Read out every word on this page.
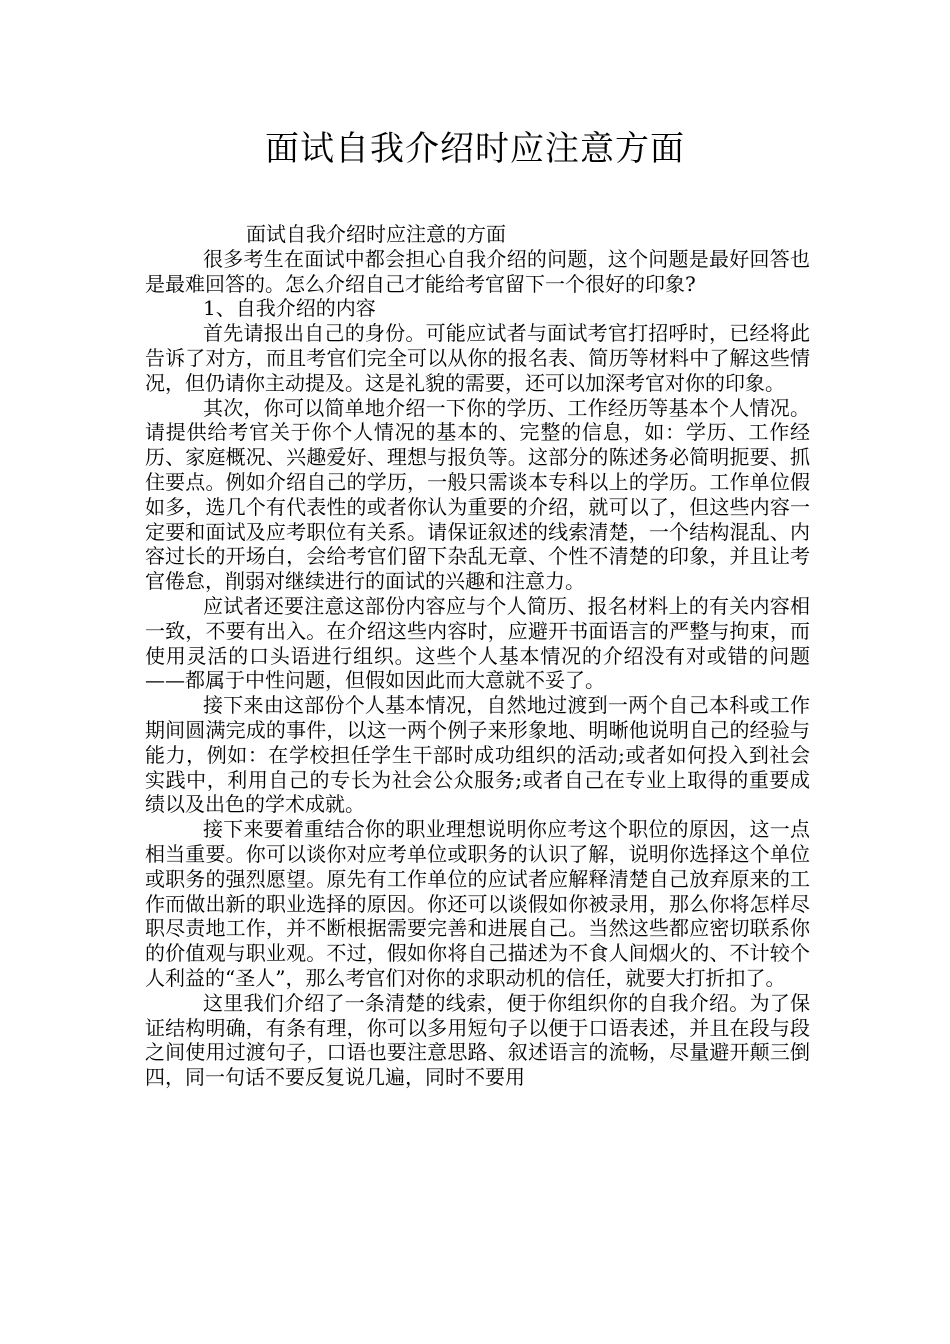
面试自我介绍时应注意方面

面试自我介绍时应注意的方面

很多考生在面试中都会担心自我介绍的问题，这个问题是最好回答也是最难回答的。怎么介绍自己才能给考官留下一个很好的印象?

1、自我介绍的内容

首先请报出自己的身份。可能应试者与面试考官打招呼时，已经将此告诉了对方，而且考官们完全可以从你的报名表、简历等材料中了解这些情况，但仍请你主动提及。这是礼貌的需要，还可以加深考官对你的印象。

其次，你可以简单地介绍一下你的学历、工作经历等基本个人情况。请提供给考官关于你个人情况的基本的、完整的信息，如：学历、工作经历、家庭概况、兴趣爱好、理想与报负等。这部分的陈述务必简明扼要、抓住要点。例如介绍自己的学历，一般只需谈本专科以上的学历。工作单位假如多，选几个有代表性的或者你认为重要的介绍，就可以了，但这些内容一定要和面试及应考职位有关系。请保证叙述的线索清楚，一个结构混乱、内容过长的开场白，会给考官们留下杂乱无章、个性不清楚的印象，并且让考官倦怠，削弱对继续进行的面试的兴趣和注意力。

应试者还要注意这部份内容应与个人简历、报名材料上的有关内容相一致，不要有出入。在介绍这些内容时，应避开书面语言的严整与拘束，而使用灵活的口头语进行组织。这些个人基本情况的介绍没有对或错的问题——都属于中性问题，但假如因此而大意就不妥了。

接下来由这部份个人基本情况，自然地过渡到一两个自己本科或工作期间圆满完成的事件，以这一两个例子来形象地、明晰他说明自己的经验与能力，例如：在学校担任学生干部时成功组织的活动;或者如何投入到社会实践中，利用自己的专长为社会公众服务;或者自己在专业上取得的重要成绩以及出色的学术成就。

接下来要着重结合你的职业理想说明你应考这个职位的原因，这一点相当重要。你可以谈你对应考单位或职务的认识了解，说明你选择这个单位或职务的强烈愿望。原先有工作单位的应试者应解释清楚自己放弃原来的工作而做出新的职业选择的原因。你还可以谈假如你被录用，那么你将怎样尽职尽责地工作，并不断根据需要完善和进展自己。当然这些都应密切联系你的价值观与职业观。不过，假如你将自己描述为不食人间烟火的、不计较个人利益的“圣人”，那么考官们对你的求职动机的信任，就要大打折扣了。

这里我们介绍了一条清楚的线索，便于你组织你的自我介绍。为了保证结构明确，有条有理，你可以多用短句子以便于口语表述，并且在段与段之间使用过渡句子，口语也要注意思路、叙述语言的流畅，尽量避开颠三倒四，同一句话不要反复说几遍，同时不要用
